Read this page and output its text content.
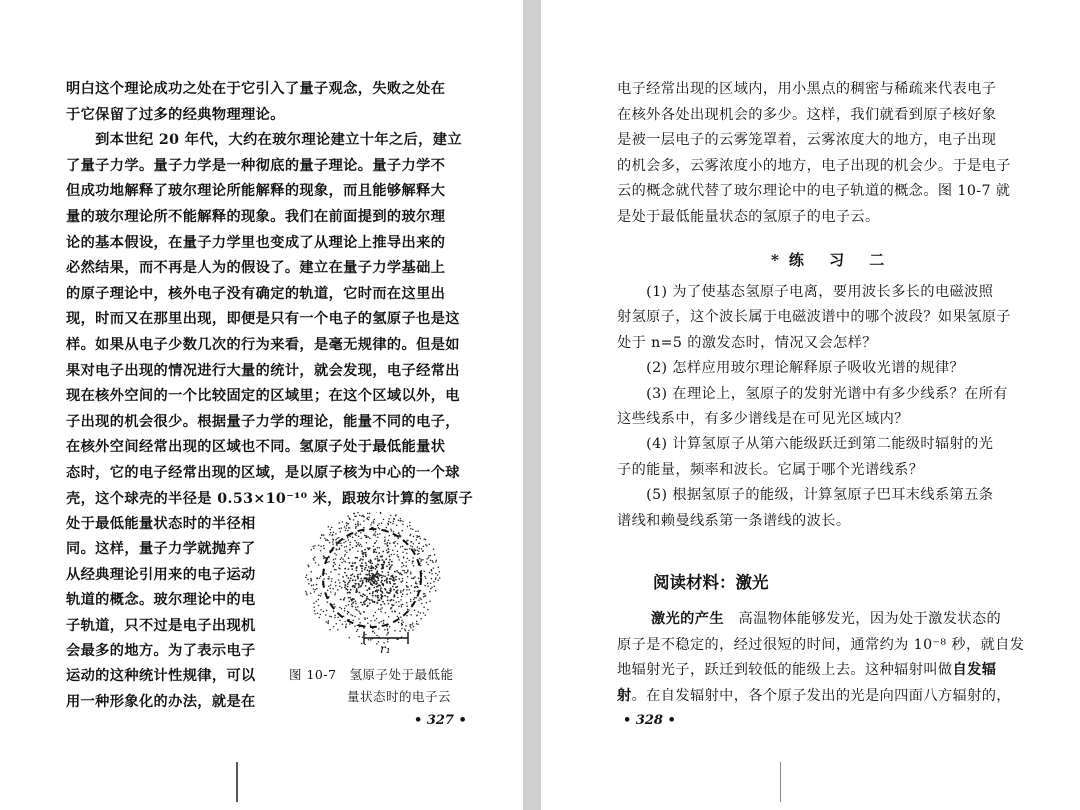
明白这个理论成功之处在于它引入了量子观念，失败之处在
于它保留了过多的经典物理理论。
　　到本世纪 20 年代，大约在玻尔理论建立十年之后，建立
了量子力学。量子力学是一种彻底的量子理论。量子力学不
但成功地解释了玻尔理论所能解释的现象，而且能够解释大
量的玻尔理论所不能解释的现象。我们在前面提到的玻尔理
论的基本假设，在量子力学里也变成了从理论上推导出来的
必然结果，而不再是人为的假设了。建立在量子力学基础上
的原子理论中，核外电子没有确定的轨道，它时而在这里出
现，时而又在那里出现，即便是只有一个电子的氢原子也是这
样。如果从电子少数几次的行为来看，是毫无规律的。但是如
果对电子出现的情况进行大量的统计，就会发现，电子经常出
现在核外空间的一个比较固定的区域里；在这个区域以外，电
子出现的机会很少。根据量子力学的理论，能量不同的电子，
在核外空间经常出现的区域也不同。氢原子处于最低能量状
态时，它的电子经常出现的区域，是以原子核为中心的一个球
壳，这个球壳的半径是 0.53×10⁻¹⁰ 米，跟玻尔计算的氢原子
处于最低能量状态时的半径相
同。这样，量子力学就抛弃了
从经典理论引用来的电子运动
轨道的概念。玻尔理论中的电
子轨道，只不过是电子出现机
会最多的地方。为了表示电子
运动的这种统计性规律，可以
用一种形象化的办法，就是在
r₁
图 10-7　氢原子处于最低能
量状态时的电子云
• 327 •
电子经常出现的区域内，用小黑点的稠密与稀疏来代表电子
在核外各处出现机会的多少。这样，我们就看到原子核好象
是被一层电子的云雾笼罩着，云雾浓度大的地方，电子出现
的机会多，云雾浓度小的地方，电子出现的机会少。于是电子
云的概念就代替了玻尔理论中的电子轨道的概念。图 10-7 就
是处于最低能量状态的氢原子的电子云。
*练 习 二
　　(1) 为了使基态氢原子电离，要用波长多长的电磁波照
射氢原子，这个波长属于电磁波谱中的哪个波段？如果氢原子
处于 n=5 的激发态时，情况又会怎样？
　　(2) 怎样应用玻尔理论解释原子吸收光谱的规律？
　　(3) 在理论上，氢原子的发射光谱中有多少线系？在所有
这些线系中，有多少谱线是在可见光区域内？
　　(4) 计算氢原子从第六能级跃迁到第二能级时辐射的光
子的能量，频率和波长。它属于哪个光谱线系？
　　(5) 根据氢原子的能级，计算氢原子巴耳末线系第五条
谱线和赖曼线系第一条谱线的波长。
阅读材料：激光
激光的产生　高温物体能够发光，因为处于激发状态的
原子是不稳定的，经过很短的时间，通常约为 10⁻⁸ 秒，就自发
地辐射光子，跃迁到较低的能级上去。这种辐射叫做自发辐
射。在自发辐射中，各个原子发出的光是向四面八方辐射的，
• 328 •
